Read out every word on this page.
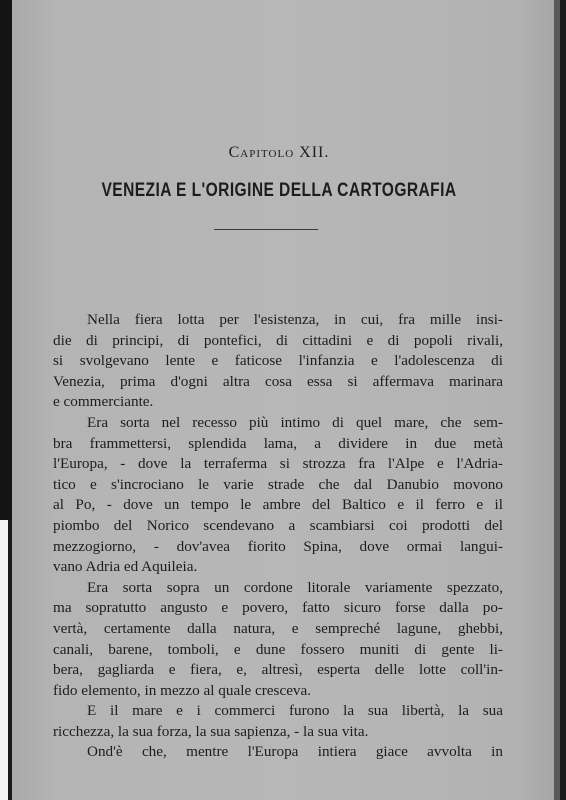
Capitolo XII.
VENEZIA E L'ORIGINE DELLA CARTOGRAFIA
Nella fiera lotta per l'esistenza, in cui, fra mille insi-
die di principi, di pontefici, di cittadini e di popoli rivali,
si svolgevano lente e faticose l'infanzia e l'adolescenza di
Venezia, prima d'ogni altra cosa essa si affermava marinara
e commerciante.
Era sorta nel recesso più intimo di quel mare, che sem-
bra frammettersi, splendida lama, a dividere in due metà
l'Europa, - dove la terraferma si strozza fra l'Alpe e l'Adria-
tico e s'incrociano le varie strade che dal Danubio movono
al Po, - dove un tempo le ambre del Baltico e il ferro e il
piombo del Norico scendevano a scambiarsi coi prodotti del
mezzogiorno, - dov'avea fiorito Spina, dove ormai langui-
vano Adria ed Aquileia.
Era sorta sopra un cordone litorale variamente spezzato,
ma sopratutto angusto e povero, fatto sicuro forse dalla po-
vertà, certamente dalla natura, e sempreché lagune, ghebbi,
canali, barene, tomboli, e dune fossero muniti di gente li-
bera, gagliarda e fiera, e, altresì, esperta delle lotte coll'in-
fido elemento, in mezzo al quale cresceva.
E il mare e i commerci furono la sua libertà, la sua
ricchezza, la sua forza, la sua sapienza, - la sua vita.
Ond'è che, mentre l'Europa intiera giace avvolta in
